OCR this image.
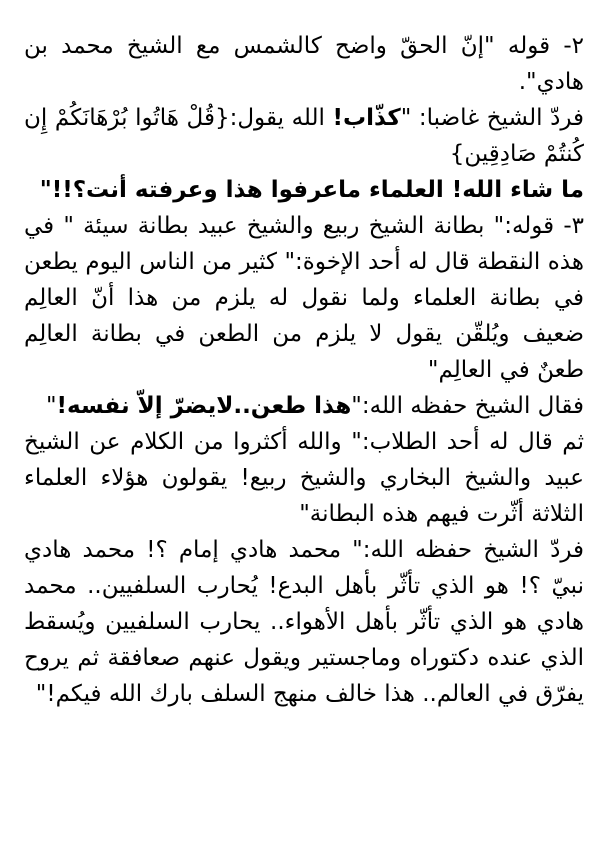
٢- قوله "إنّ الحقّ واضح كالشمس مع الشيخ محمد بن هادي".

فردّ الشيخ غاضبا: "كذّاب! الله يقول:{قُلْ هَاتُوا بُرْهَانَكُمْ إِن كُنتُمْ صَادِقِين}

ما شاء الله! العلماء ماعرفوا هذا وعرفته أنت؟!!"

٣- قوله:" بطانة الشيخ ربيع والشيخ عبيد بطانة سيئة " في هذه النقطة قال له أحد الإخوة:" كثير من الناس اليوم يطعن في بطانة العلماء ولما نقول له يلزم من هذا أنّ العالِم ضعيف ويُلقّن يقول لا يلزم من الطعن في بطانة العالِم طعنٌ في العالِم"

فقال الشيخ حفظه الله:"هذا طعن..لايضرّ إلاّ نفسه!"

ثم قال له أحد الطلاب:" والله أكثروا من الكلام عن الشيخ عبيد والشيخ البخاري والشيخ ربيع! يقولون هؤلاء العلماء الثلاثة أثّرت فيهم هذه البطانة"

فردّ الشيخ حفظه الله:" محمد هادي إمام ؟! محمد هادي نبيّ ؟! هو الذي تأثّر بأهل البدع! يُحارب السلفيين.. محمد هادي هو الذي تأثّر بأهل الأهواء.. يحارب السلفيين ويُسقط الذي عنده دكتوراه وماجستير ويقول عنهم صعافقة ثم يروح يفرّق في العالم.. هذا خالف منهج السلف بارك الله فيكم!"
